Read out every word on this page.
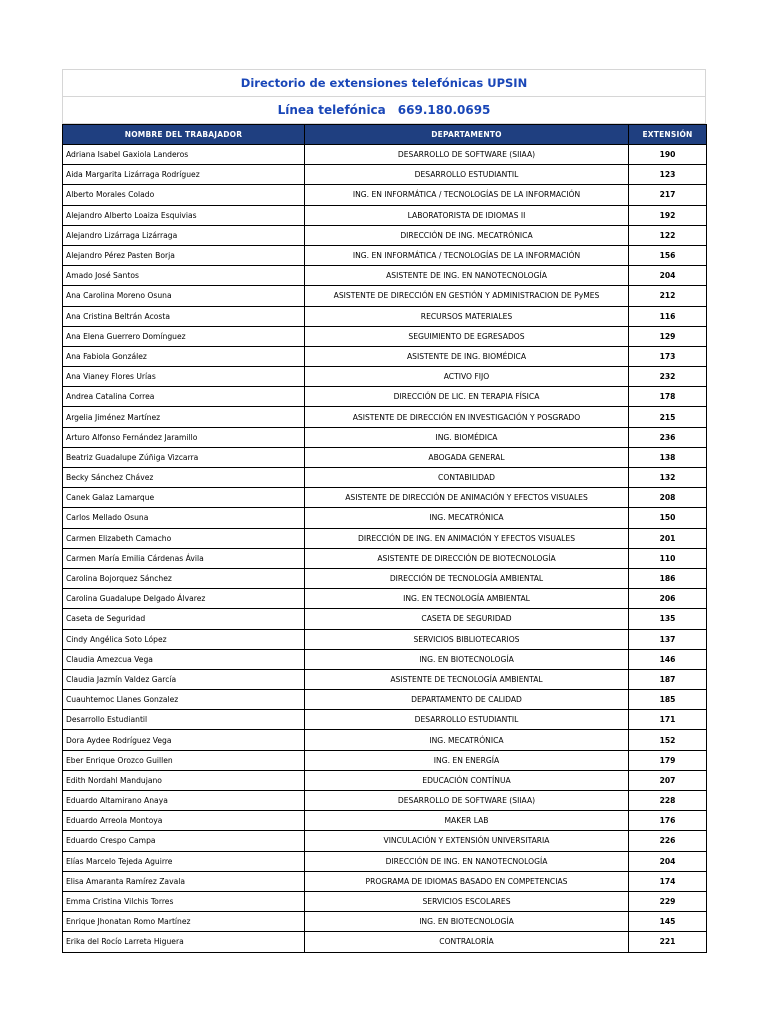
Directorio de extensiones telefónicas UPSIN
Línea telefónica 669.180.0695
NOMBRE DEL TRABAJADOR	DEPARTAMENTO	EXTENSIÓN
Adriana Isabel Gaxiola Landeros	DESARROLLO DE SOFTWARE (SIIAA)	190
Aida Margarita Lizárraga Rodríguez	DESARROLLO ESTUDIANTIL	123
Alberto Morales Colado	ING. EN INFORMÁTICA / TECNOLOGÍAS DE LA INFORMACIÓN	217
Alejandro Alberto Loaiza Esquivias	LABORATORISTA DE IDIOMAS II	192
Alejandro Lizárraga Lizárraga	DIRECCIÓN DE ING. MECATRÓNICA	122
Alejandro Pérez Pasten Borja	ING. EN INFORMÁTICA / TECNOLOGÍAS DE LA INFORMACIÓN	156
Amado José Santos	ASISTENTE DE ING. EN NANOTECNOLOGÍA	204
Ana Carolina Moreno Osuna	ASISTENTE DE DIRECCIÓN EN GESTIÓN Y ADMINISTRACION DE PyMES	212
Ana Cristina Beltrán Acosta	RECURSOS MATERIALES	116
Ana Elena Guerrero Domínguez	SEGUIMIENTO DE EGRESADOS	129
Ana Fabiola González	ASISTENTE DE ING. BIOMÉDICA	173
Ana Vianey Flores Urías	ACTIVO FIJO	232
Andrea Catalina Correa	DIRECCIÓN DE LIC. EN TERAPIA FÍSICA	178
Argelia Jiménez Martínez	ASISTENTE DE DIRECCIÓN EN INVESTIGACIÓN Y POSGRADO	215
Arturo Alfonso Fernández Jaramillo	ING. BIOMÉDICA	236
Beatriz Guadalupe Zúñiga Vizcarra	ABOGADA GENERAL	138
Becky Sánchez Chávez	CONTABILIDAD	132
Canek Galaz Lamarque	ASISTENTE DE DIRECCIÓN DE ANIMACIÓN Y EFECTOS VISUALES	208
Carlos Mellado Osuna	ING. MECATRÓNICA	150
Carmen Elizabeth Camacho	DIRECCIÓN DE ING. EN ANIMACIÓN Y EFECTOS VISUALES	201
Carmen María Emilia Cárdenas Ávila	ASISTENTE DE DIRECCIÓN DE BIOTECNOLOGÍA	110
Carolina Bojorquez Sánchez	DIRECCIÓN DE TECNOLOGÍA AMBIENTAL	186
Carolina Guadalupe Delgado Álvarez	ING. EN TECNOLOGÍA AMBIENTAL	206
Caseta de Seguridad	CASETA DE SEGURIDAD	135
Cindy Angélica Soto López	SERVICIOS BIBLIOTECARIOS	137
Claudia Amezcua Vega	ING. EN BIOTECNOLOGÍA	146
Claudia Jazmín Valdez García	ASISTENTE DE TECNOLOGÍA AMBIENTAL	187
Cuauhtemoc Llanes Gonzalez	DEPARTAMENTO DE CALIDAD	185
Desarrollo Estudiantil	DESARROLLO ESTUDIANTIL	171
Dora Aydee Rodríguez Vega	ING. MECATRÓNICA	152
Eber Enrique Orozco Guillen	ING. EN ENERGÍA	179
Edith Nordahl Mandujano	EDUCACIÓN CONTÍNUA	207
Eduardo Altamirano Anaya	DESARROLLO DE SOFTWARE (SIIAA)	228
Eduardo Arreola Montoya	MAKER LAB	176
Eduardo Crespo Campa	VINCULACIÓN Y EXTENSIÓN UNIVERSITARIA	226
Elías Marcelo Tejeda Aguirre	DIRECCIÓN DE ING. EN NANOTECNOLOGÍA	204
Elisa Amaranta Ramírez Zavala	PROGRAMA DE IDIOMAS BASADO EN COMPETENCIAS	174
Emma Cristina Vilchis Torres	SERVICIOS ESCOLARES	229
Enrique Jhonatan Romo Martínez	ING. EN BIOTECNOLOGÍA	145
Erika del Rocío Larreta Higuera	CONTRALORÍA	221
